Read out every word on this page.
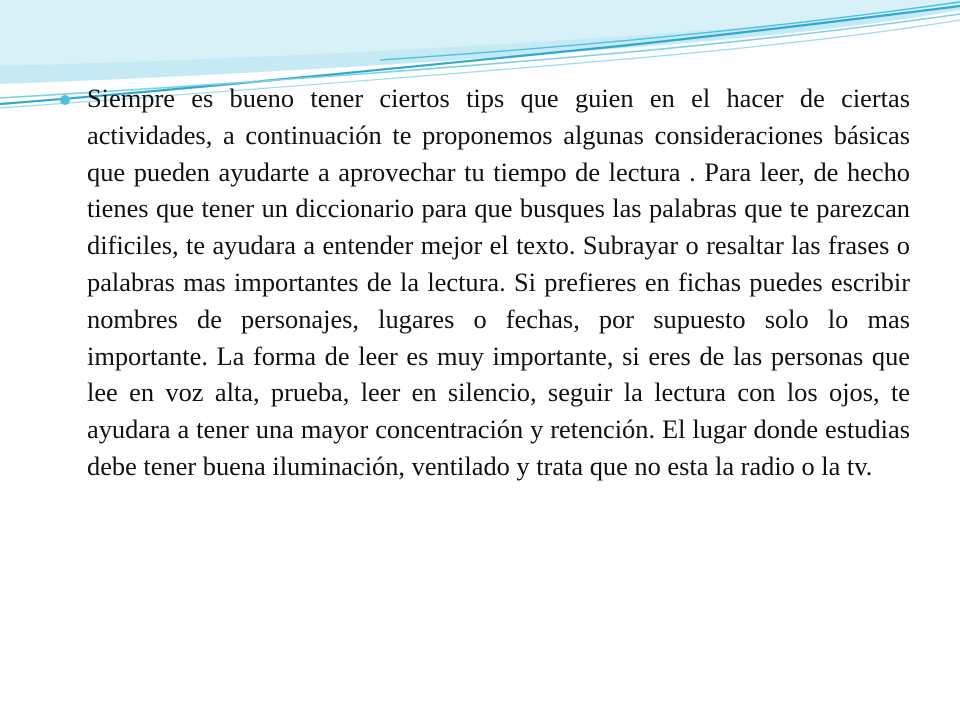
Siempre es bueno tener ciertos tips que guien en el hacer de ciertas actividades, a continuación te proponemos algunas consideraciones básicas que pueden ayudarte a aprovechar tu tiempo de lectura . Para leer, de hecho tienes que tener un diccionario para que busques las palabras que te parezcan dificiles, te ayudara a entender mejor el texto. Subrayar o resaltar las frases o palabras mas importantes de la lectura. Si prefieres en fichas puedes escribir nombres de personajes, lugares o fechas, por supuesto solo lo mas importante. La forma de leer es muy importante, si eres de las personas que lee en voz alta, prueba, leer en silencio, seguir la lectura con los ojos, te ayudara a tener una mayor concentración y retención. El lugar donde estudias debe tener buena iluminación, ventilado y trata que no esta la radio o la tv.
